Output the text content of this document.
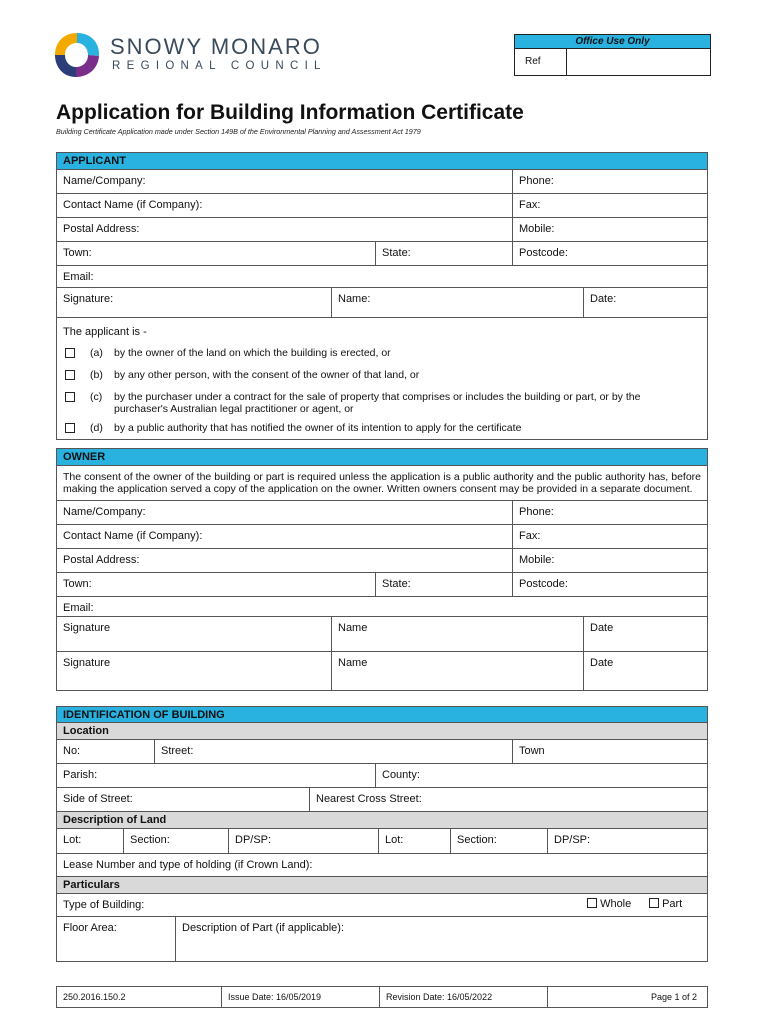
SNOWY MONARO
REGIONAL COUNCIL
Office Use Only
Ref
Application for Building Information Certificate
Building Certificate Application made under Section 149B of the Environmental Planning and Assessment Act 1979
APPLICANT
Name/Company:	Phone:
Contact Name (if Company):	Fax:
Postal Address:	Mobile:
Town:	State:	Postcode:
Email:
Signature:	Name:	Date:
The applicant is -
(a) by the owner of the land on which the building is erected, or
(b) by any other person, with the consent of the owner of that land, or
(c) by the purchaser under a contract for the sale of property that comprises or includes the building or part, or by the purchaser's Australian legal practitioner or agent, or
(d) by a public authority that has notified the owner of its intention to apply for the certificate
OWNER
The consent of the owner of the building or part is required unless the application is a public authority and the public authority has, before making the application served a copy of the application on the owner. Written owners consent may be provided in a separate document.
Name/Company:	Phone:
Contact Name (if Company):	Fax:
Postal Address:	Mobile:
Town:	State:	Postcode:
Email:
Signature	Name	Date
Signature	Name	Date
IDENTIFICATION OF BUILDING
Location
No:	Street:	Town
Parish:	County:
Side of Street:	Nearest Cross Street:
Description of Land
Lot:	Section:	DP/SP:	Lot:	Section:	DP/SP:
Lease Number and type of holding (if Crown Land):
Particulars
Type of Building:	Whole	Part
Floor Area:	Description of Part (if applicable):
250.2016.150.2	Issue Date: 16/05/2019	Revision Date: 16/05/2022	Page 1 of 2
